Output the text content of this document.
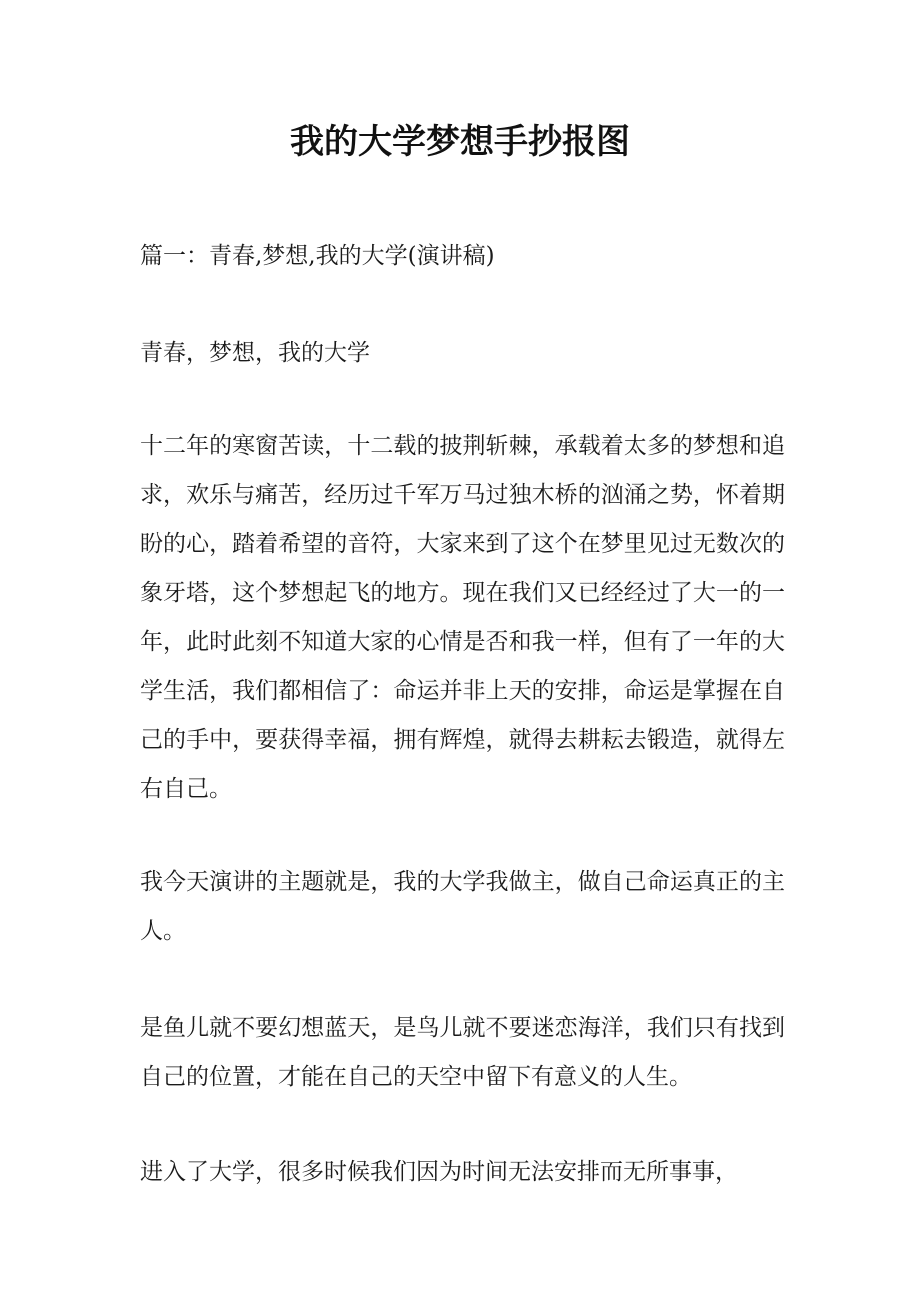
我的大学梦想手抄报图

篇一：青春,梦想,我的大学(演讲稿)

青春，梦想，我的大学

十二年的寒窗苦读，十二载的披荆斩棘，承载着太多的梦想和追求，欢乐与痛苦，经历过千军万马过独木桥的汹涌之势，怀着期盼的心，踏着希望的音符，大家来到了这个在梦里见过无数次的象牙塔，这个梦想起飞的地方。现在我们又已经经过了大一的一年，此时此刻不知道大家的心情是否和我一样，但有了一年的大学生活，我们都相信了：命运并非上天的安排，命运是掌握在自己的手中，要获得幸福，拥有辉煌，就得去耕耘去锻造，就得左右自己。

我今天演讲的主题就是，我的大学我做主，做自己命运真正的主人。

是鱼儿就不要幻想蓝天，是鸟儿就不要迷恋海洋，我们只有找到自己的位置，才能在自己的天空中留下有意义的人生。

进入了大学，很多时候我们因为时间无法安排而无所事事，
